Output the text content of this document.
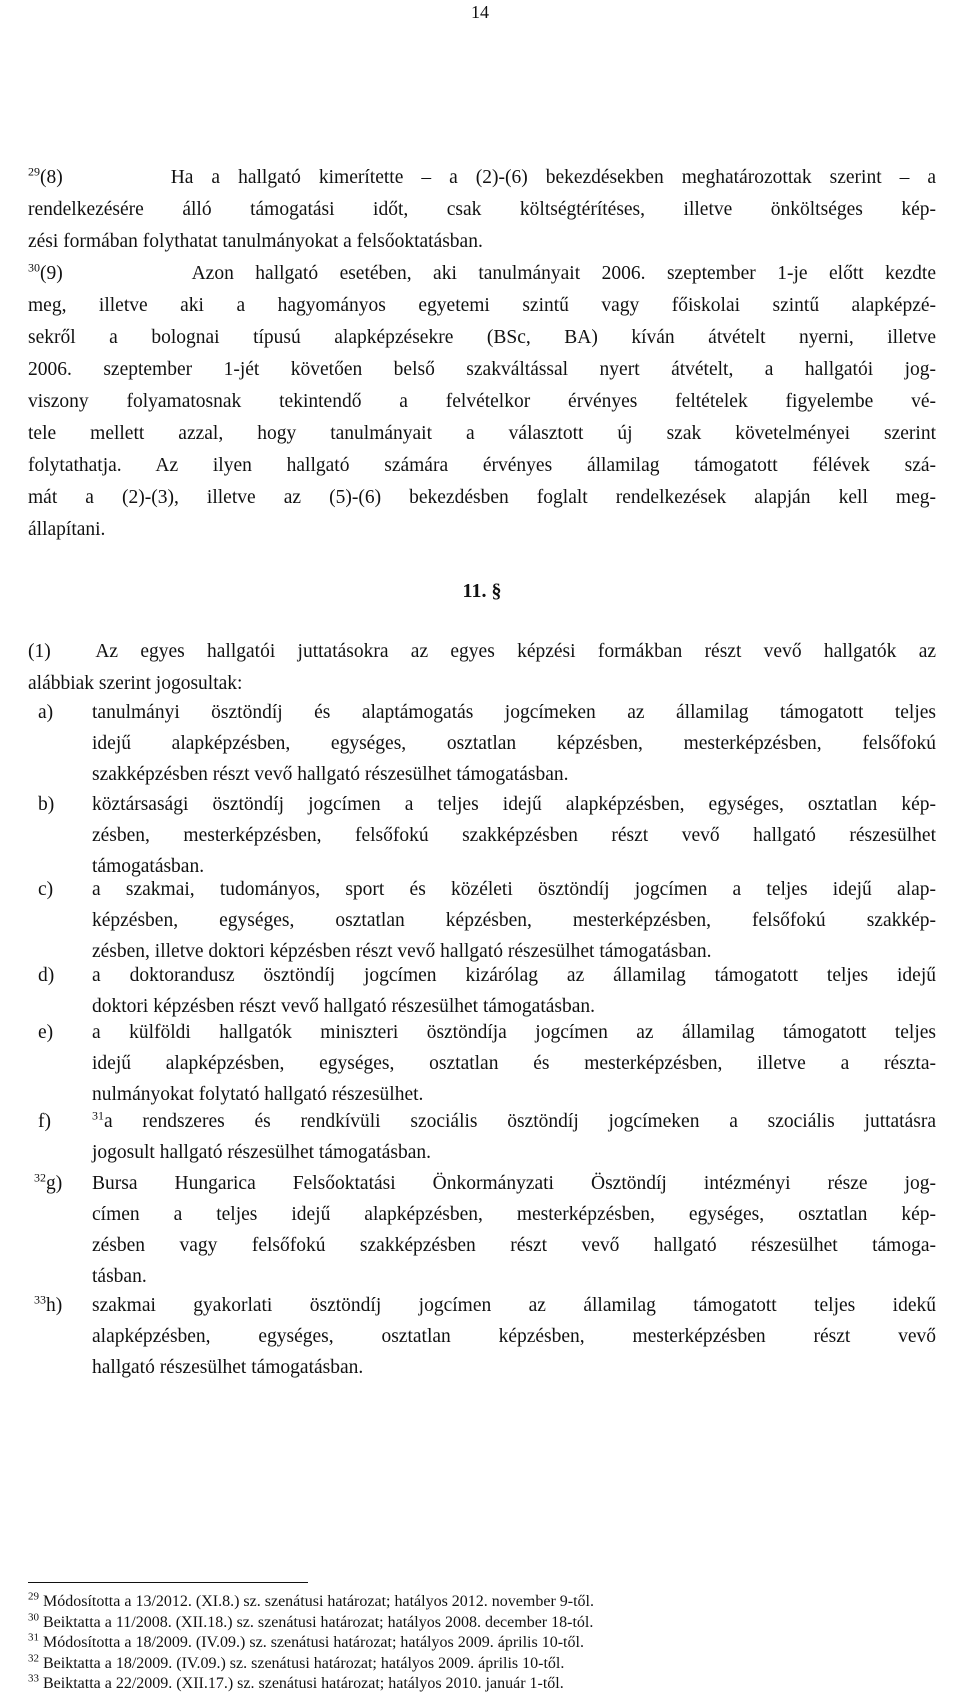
14
$^{29}$(8)	Ha a hallgató kimerítette – a (2)-(6) bekezdésekben meghatározottak szerint – a
rendelkezésére álló támogatási időt, csak költségtérítéses, illetve önköltséges kép-
zési formában folythatat tanulmányokat a felsőoktatásban.
$^{30}$(9)	Azon hallgató esetében, aki tanulmányait 2006. szeptember 1-je előtt kezdte
meg, illetve aki a hagyományos egyetemi szintű vagy főiskolai szintű alapképzé-
sekről a bolognai típusú alapképzésekre (BSc, BA) kíván átvételt nyerni, illetve
2006. szeptember 1-jét követően belső szakváltással nyert átvételt, a hallgatói jog-
viszony folyamatosnak tekintendő a felvételkor érvényes feltételek figyelembe vé-
tele mellett azzal, hogy tanulmányait a választott új szak követelményei szerint
folytathatja. Az ilyen hallgató számára érvényes államilag támogatott félévek szá-
mát a (2)-(3), illetve az (5)-(6) bekezdésben foglalt rendelkezések alapján kell meg-
állapítani.
11. §
(1) Az egyes hallgatói juttatásokra az egyes képzési formákban részt vevő hallgatók az
alábbiak szerint jogosultak:
a) tanulmányi ösztöndíj és alaptámogatás jogcímeken az államilag támogatott teljes
idejű alapképzésben, egységes, osztatlan képzésben, mesterképzésben, felsőfokú
szakképzésben részt vevő hallgató részesülhet támogatásban.
b) köztársasági ösztöndíj jogcímen a teljes idejű alapképzésben, egységes, osztatlan kép-
zésben, mesterképzésben, felsőfokú szakképzésben részt vevő hallgató részesülhet
támogatásban.
c) a szakmai, tudományos, sport és közéleti ösztöndíj jogcímen a teljes idejű alap-
képzésben, egységes, osztatlan képzésben, mesterképzésben, felsőfokú szakkép-
zésben, illetve doktori képzésben részt vevő hallgató részesülhet támogatásban.
d) a doktorandusz ösztöndíj jogcímen kizárólag az államilag támogatott teljes idejű
doktori képzésben részt vevő hallgató részesülhet támogatásban.
e) a külföldi hallgatók miniszteri ösztöndíja jogcímen az államilag támogatott teljes
idejű alapképzésben, egységes, osztatlan és mesterképzésben, illetve a részta-
nulmányokat folytató hallgató részesülhet.
f)	$^{31}$a rendszeres és rendkívüli szociális ösztöndíj jogcímeken a szociális juttatásra
jogosult hallgató részesülhet támogatásban.
$^{32}$g) Bursa Hungarica Felsőoktatási Önkormányzati Ösztöndíj intézményi része jog-
címen a teljes idejű alapképzésben, mesterképzésben, egységes, osztatlan kép-
zésben vagy felsőfokú szakképzésben részt vevő hallgató részesülhet támoga-
tásban.
$^{33}$h) szakmai gyakorlati ösztöndíj jogcímen az államilag támogatott teljes idekű
alapképzésben, egységes, osztatlan képzésben, mesterképzésben részt vevő
hallgató részesülhet támogatásban.
$^{29}$ Módosította a 13/2012. (XI.8.) sz. szenátusi határozat; hatályos 2012. november 9-től.
$^{30}$ Beiktatta a 11/2008. (XII.18.) sz. szenátusi határozat; hatályos 2008. december 18-tól.
$^{31}$ Módosította a 18/2009. (IV.09.) sz. szenátusi határozat; hatályos 2009. április 10-től.
$^{32}$ Beiktatta a 18/2009. (IV.09.) sz. szenátusi határozat; hatályos 2009. április 10-től.
$^{33}$ Beiktatta a 22/2009. (XII.17.) sz. szenátusi határozat; hatályos 2010. január 1-től.
